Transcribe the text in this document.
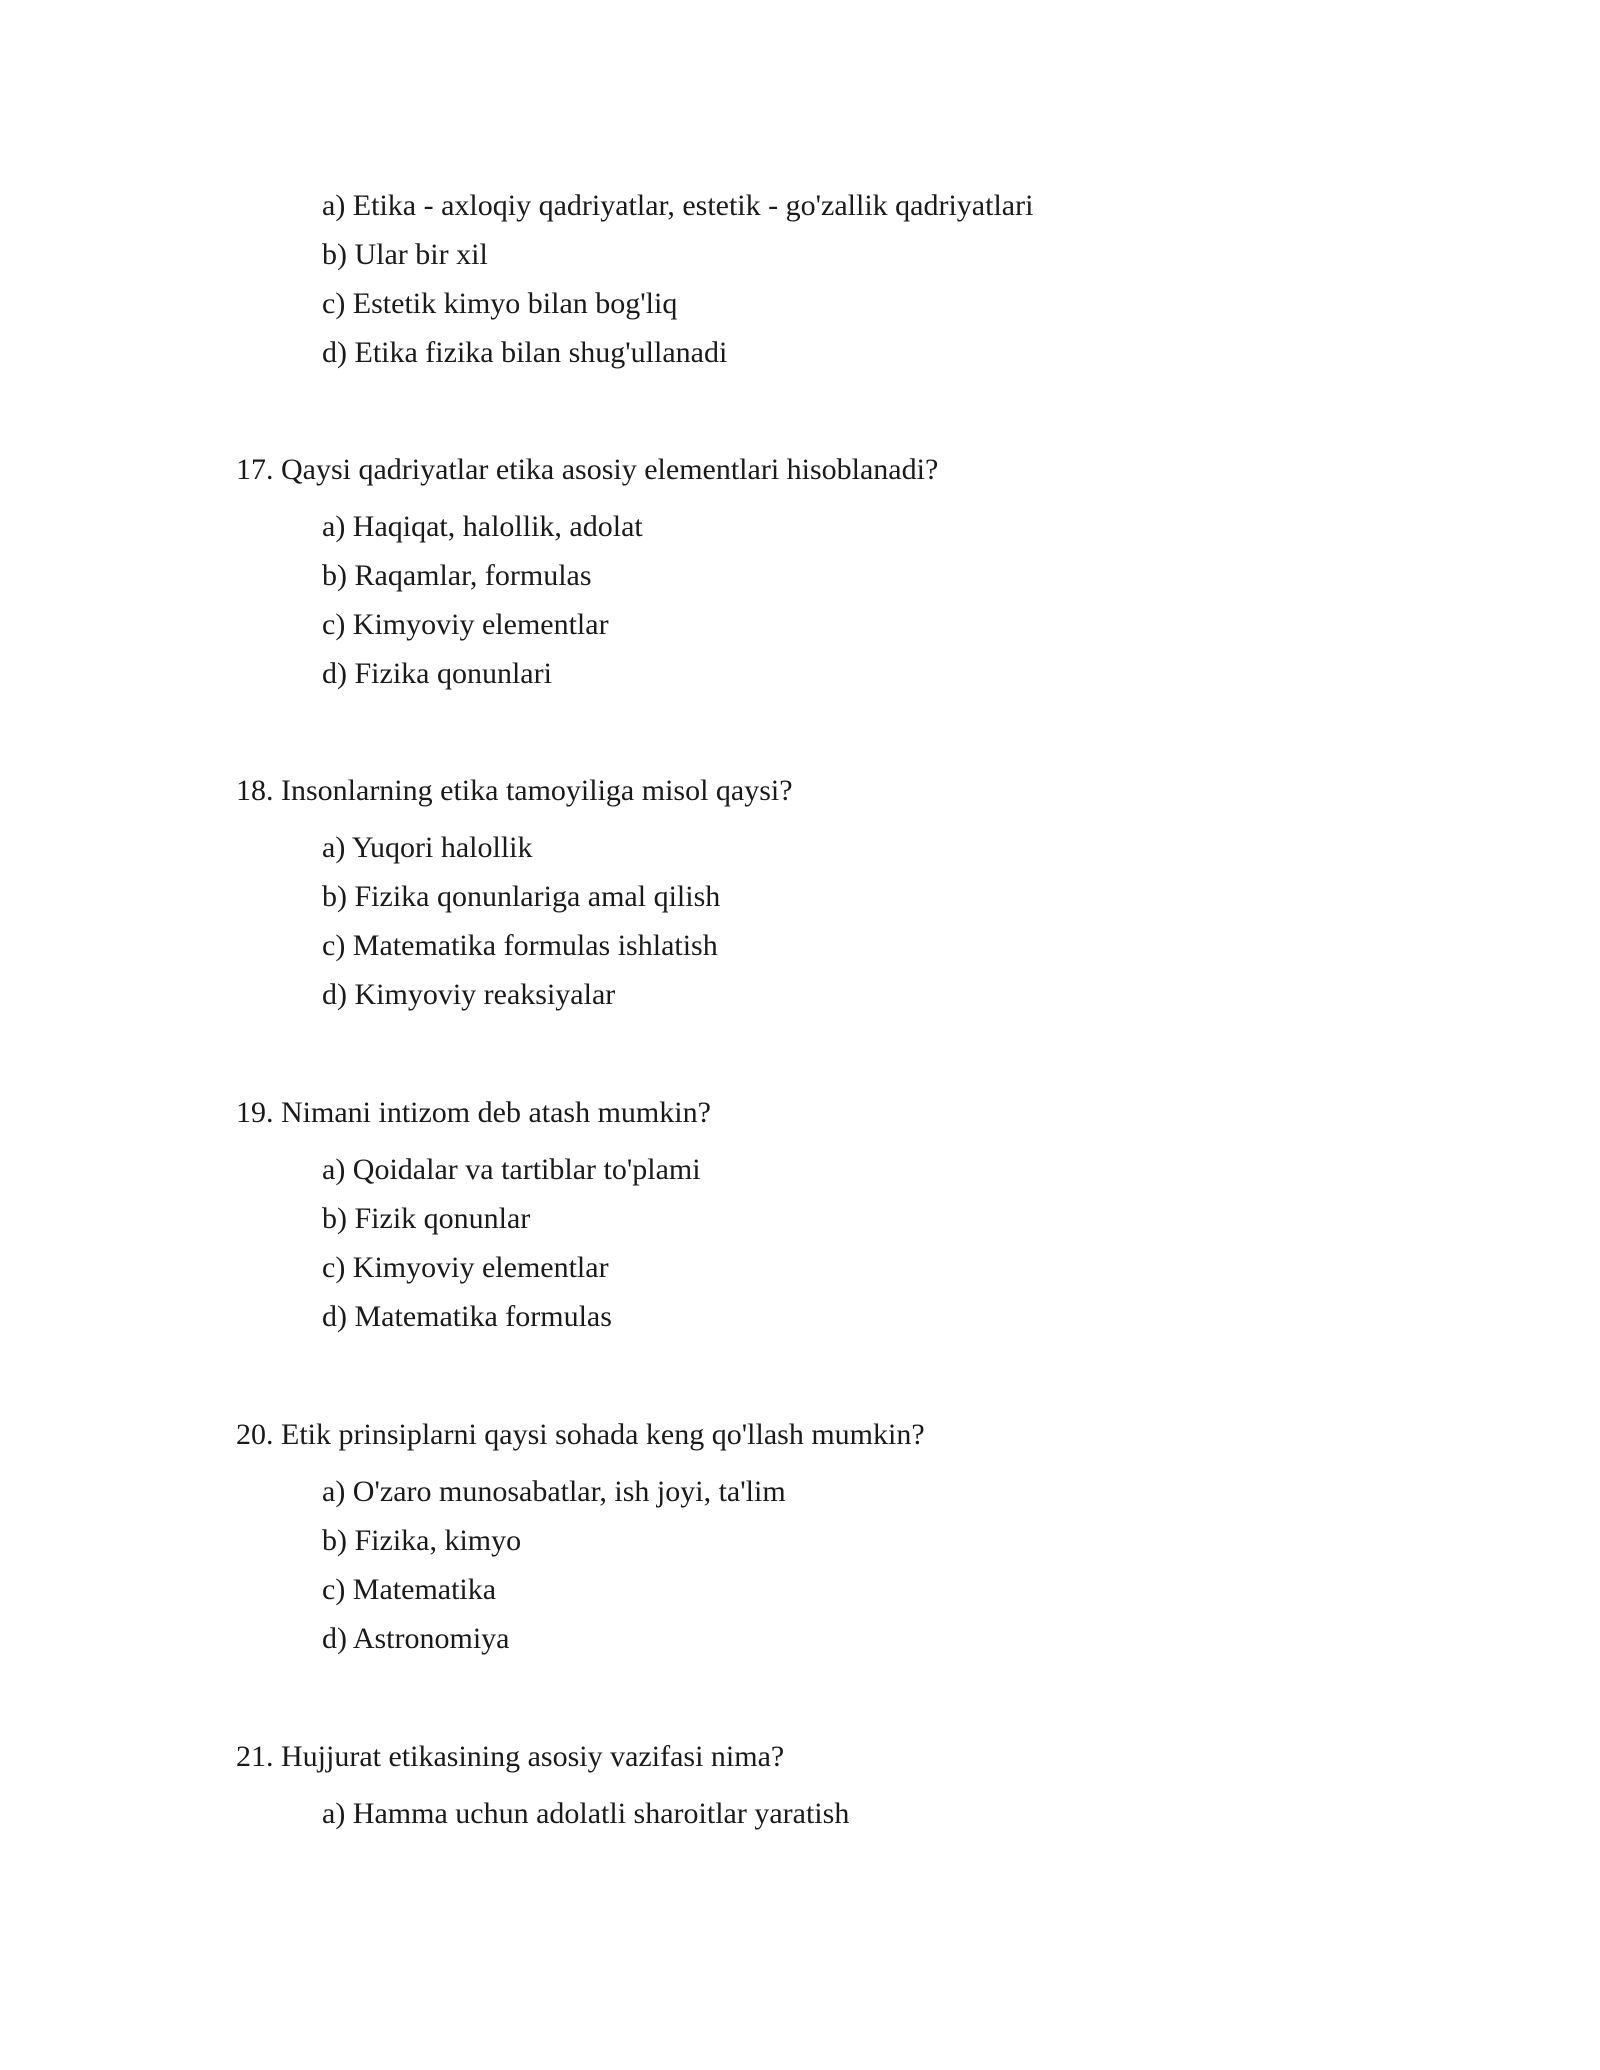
a) Etika - axloqiy qadriyatlar, estetik - go'zallik qadriyatlari
b) Ular bir xil
c) Estetik kimyo bilan bog'liq
d) Etika fizika bilan shug'ullanadi
17. Qaysi qadriyatlar etika asosiy elementlari hisoblanadi?
a) Haqiqat, halollik, adolat
b) Raqamlar, formulas
c) Kimyoviy elementlar
d) Fizika qonunlari
18. Insonlarning etika tamoyiliga misol qaysi?
a) Yuqori halollik
b) Fizika qonunlariga amal qilish
c) Matematika formulas ishlatish
d) Kimyoviy reaksiyalar
19. Nimani intizom deb atash mumkin?
a) Qoidalar va tartiblar to'plami
b) Fizik qonunlar
c) Kimyoviy elementlar
d) Matematika formulas
20. Etik prinsiplarni qaysi sohada keng qo'llash mumkin?
a) O'zaro munosabatlar, ish joyi, ta'lim
b) Fizika, kimyo
c) Matematika
d) Astronomiya
21. Hujjurat etikasining asosiy vazifasi nima?
a) Hamma uchun adolatli sharoitlar yaratish
